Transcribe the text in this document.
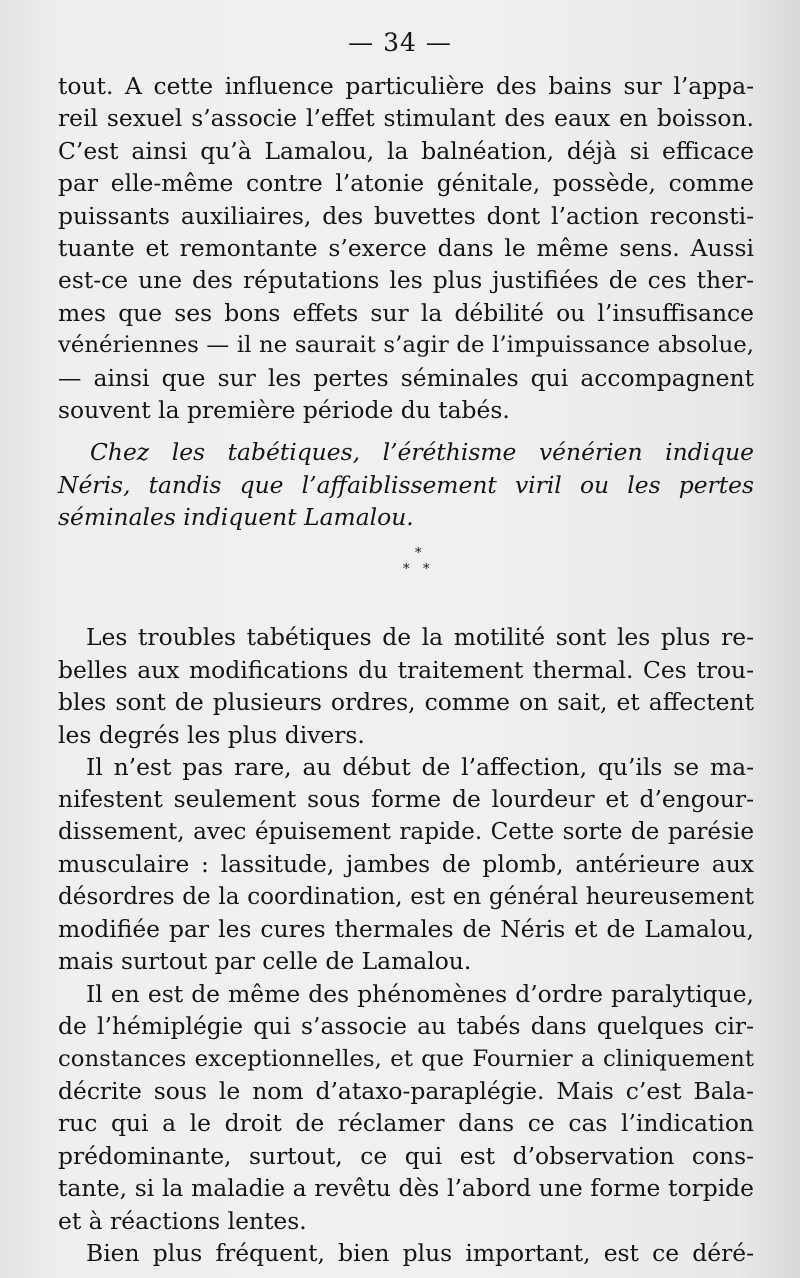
— 34 —
tout. A cette influence particulière des bains sur l’appa-
reil sexuel s’associe l’effet stimulant des eaux en boisson.
C’est ainsi qu’à Lamalou, la balnéation, déjà si efficace
par elle-même contre l’atonie génitale, possède, comme
puissants auxiliaires, des buvettes dont l’action reconsti-
tuante et remontante s’exerce dans le même sens. Aussi
est-ce une des réputations les plus justifiées de ces ther-
mes que ses bons effets sur la débilité ou l’insuffisance
vénériennes — il ne saurait s’agir de l’impuissance absolue,
— ainsi que sur les pertes séminales qui accompagnent
souvent la première période du tabés.
Chez les tabétiques, l’éréthisme vénérien indique
Néris, tandis que l’affaiblissement viril ou les pertes
séminales indiquent Lamalou.
*
* *
Les troubles tabétiques de la motilité sont les plus re-
belles aux modifications du traitement thermal. Ces trou-
bles sont de plusieurs ordres, comme on sait, et affectent
les degrés les plus divers.
Il n’est pas rare, au début de l’affection, qu’ils se ma-
nifestent seulement sous forme de lourdeur et d’engour-
dissement, avec épuisement rapide. Cette sorte de parésie
musculaire : lassitude, jambes de plomb, antérieure aux
désordres de la coordination, est en général heureusement
modifiée par les cures thermales de Néris et de Lamalou,
mais surtout par celle de Lamalou.
Il en est de même des phénomènes d’ordre paralytique,
de l’hémiplégie qui s’associe au tabés dans quelques cir-
constances exceptionnelles, et que Fournier a cliniquement
décrite sous le nom d’ataxo-paraplégie. Mais c’est Bala-
ruc qui a le droit de réclamer dans ce cas l’indication
prédominante, surtout, ce qui est d’observation cons-
tante, si la maladie a revêtu dès l’abord une forme torpide
et à réactions lentes.
Bien plus fréquent, bien plus important, est ce déré-
